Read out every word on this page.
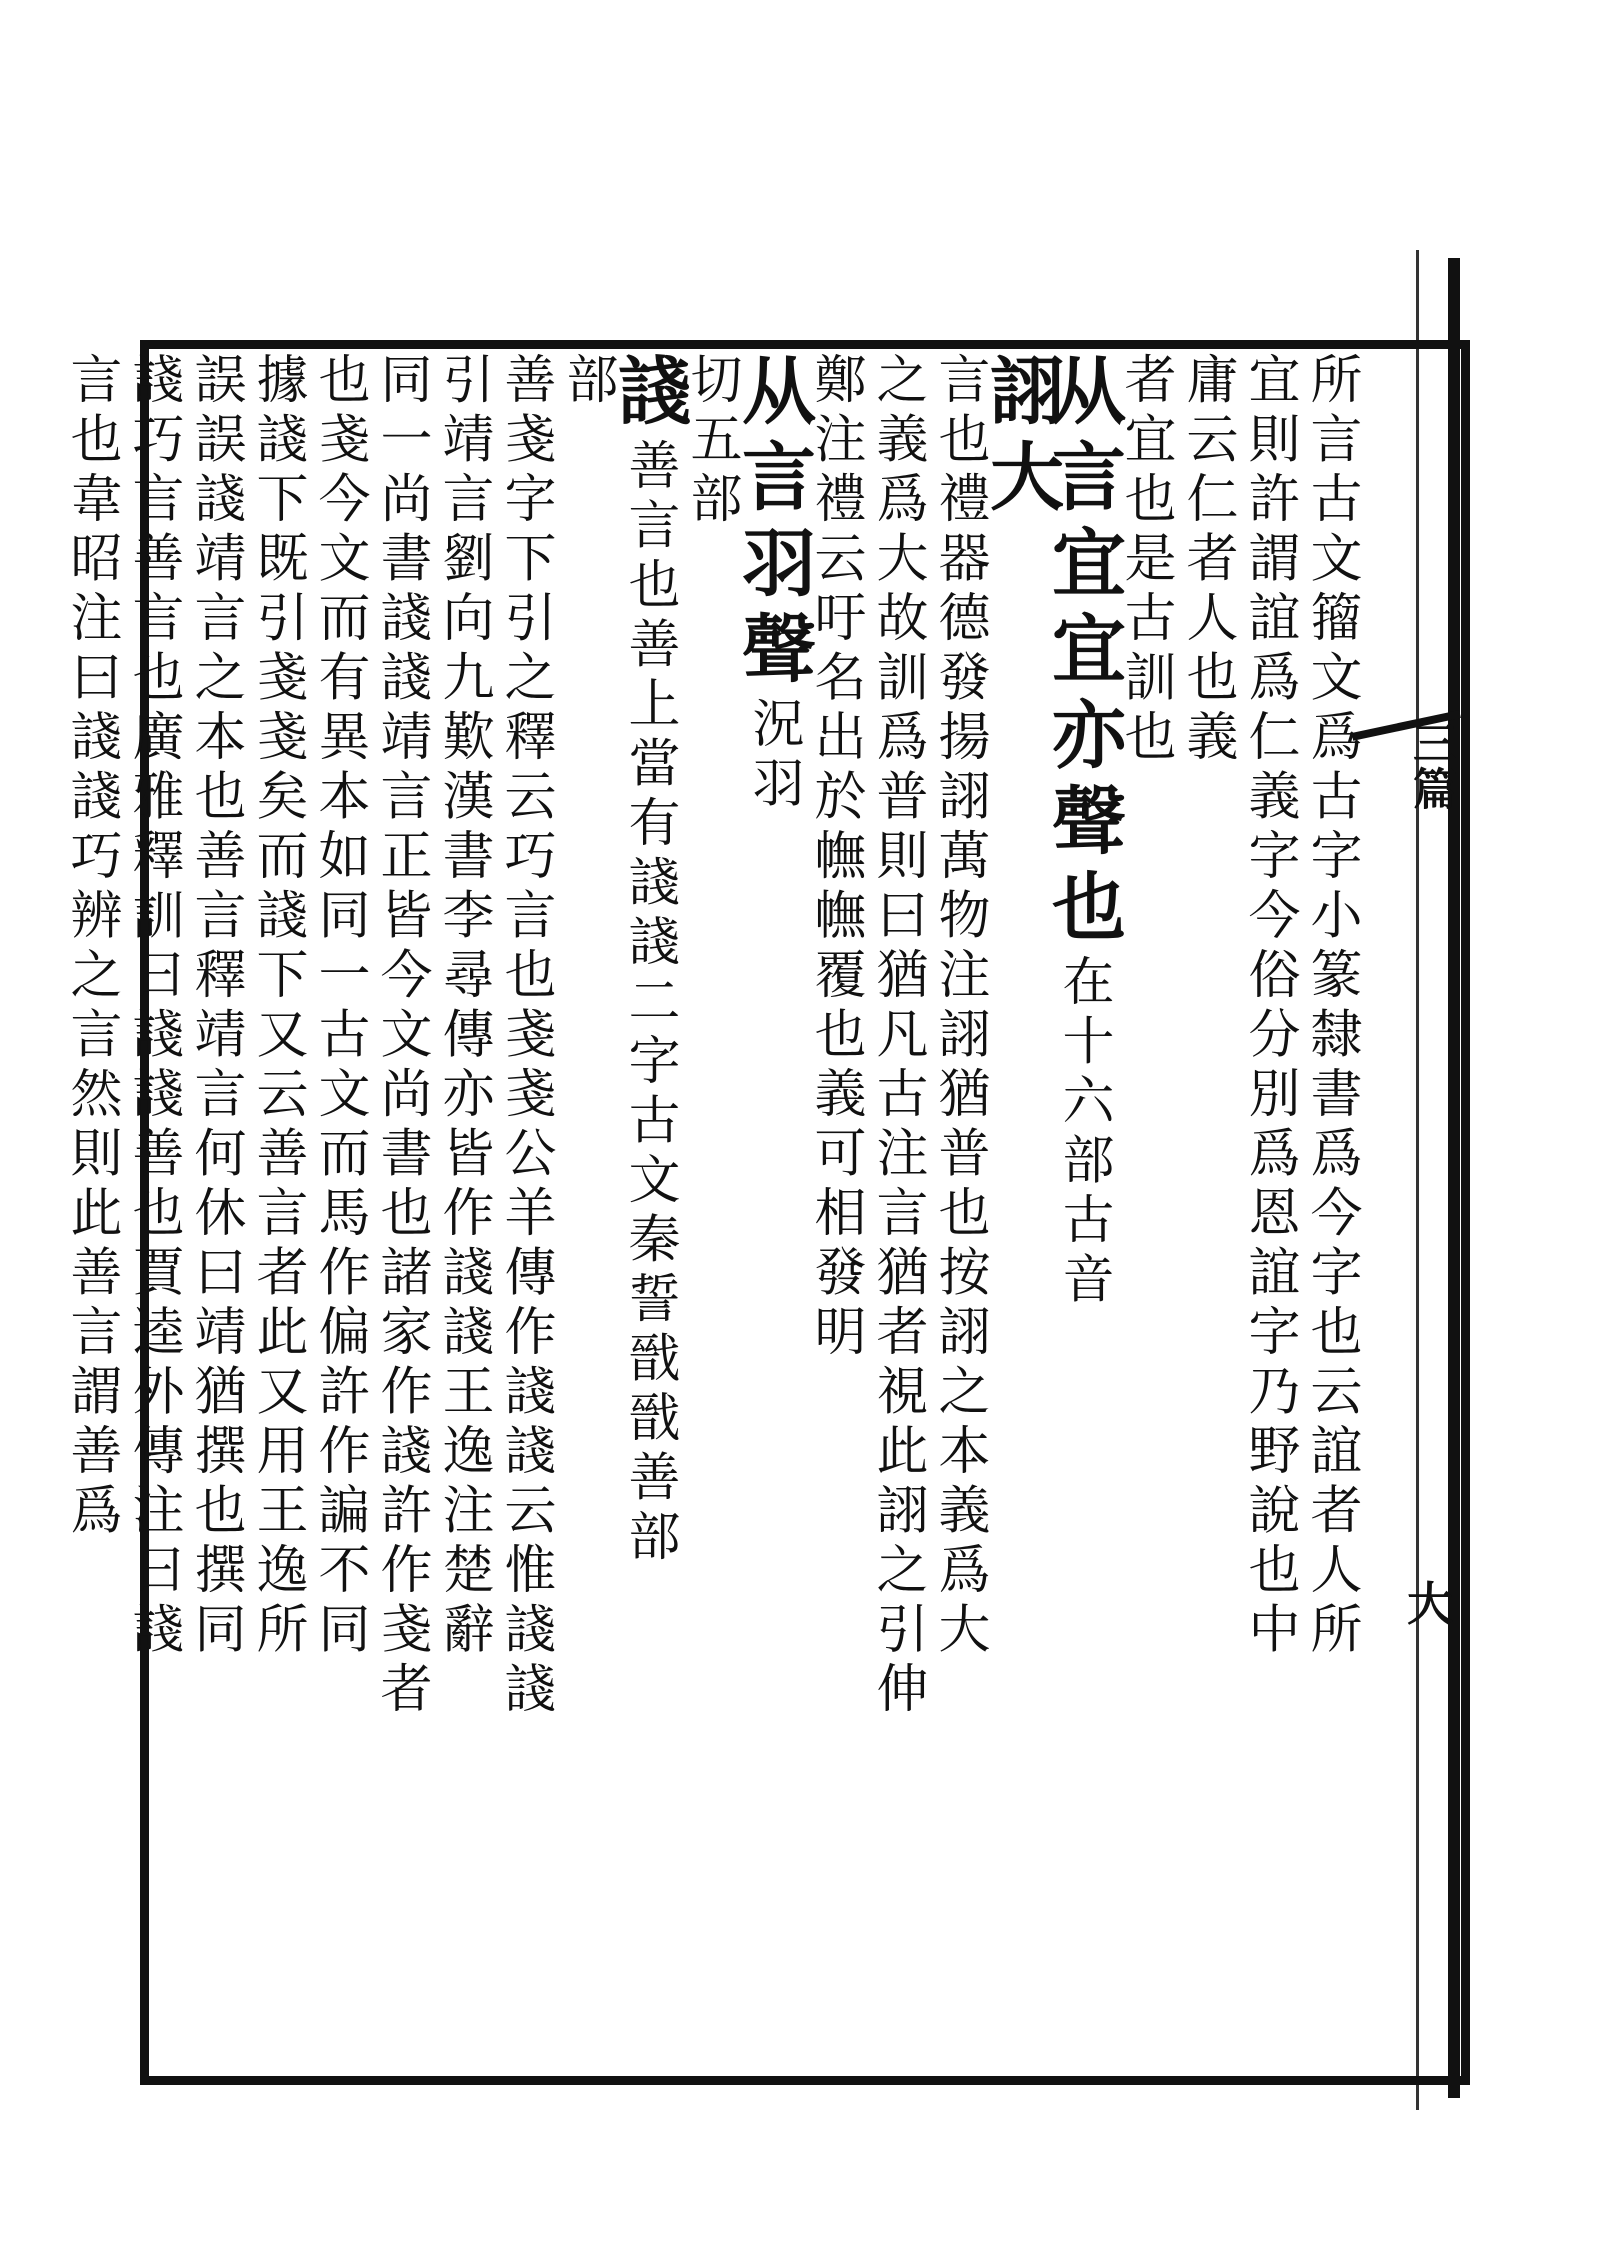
三篇
大
所言古文籀文爲古字小篆隸書爲今字也云誼者人所
宜則許謂誼爲仁義字今俗分別爲恩誼字乃野說也中
庸云仁者人也義
者宜也是古訓也
从言宜宜亦聲也在十六部古音
詡大
言也禮器德發揚詡萬物注詡猶普也按詡之本義爲大
之義爲大故訓爲普則曰猶凡古注言猶者視此詡之引伸
鄭注禮云吁名出於幠幠覆也義可相發明
从言羽聲況羽
切五部
諓善言也善上當有諓諓二字古文秦誓戩戩善部
部
善戔字下引之釋云巧言也戔戔公羊傳作諓諓云惟諓諓
引靖言劉向九歎漢書李尋傳亦皆作諓諓王逸注楚辭
同一尚書諓諓靖言正皆今文尚書也諸家作諓許作戔者
也戔今文而有異本如同一古文而馬作偏許作諞不同
據諓下既引戔戔矣而諓下又云善言者此又用王逸所
誤誤諓靖言之本也善言釋靖言何休曰靖猶撰也撰同
諓巧言善言也廣雅釋訓曰諓諓善也賈逵外傳注曰諓
言也韋昭注曰諓諓巧辨之言然則此善言謂善爲
